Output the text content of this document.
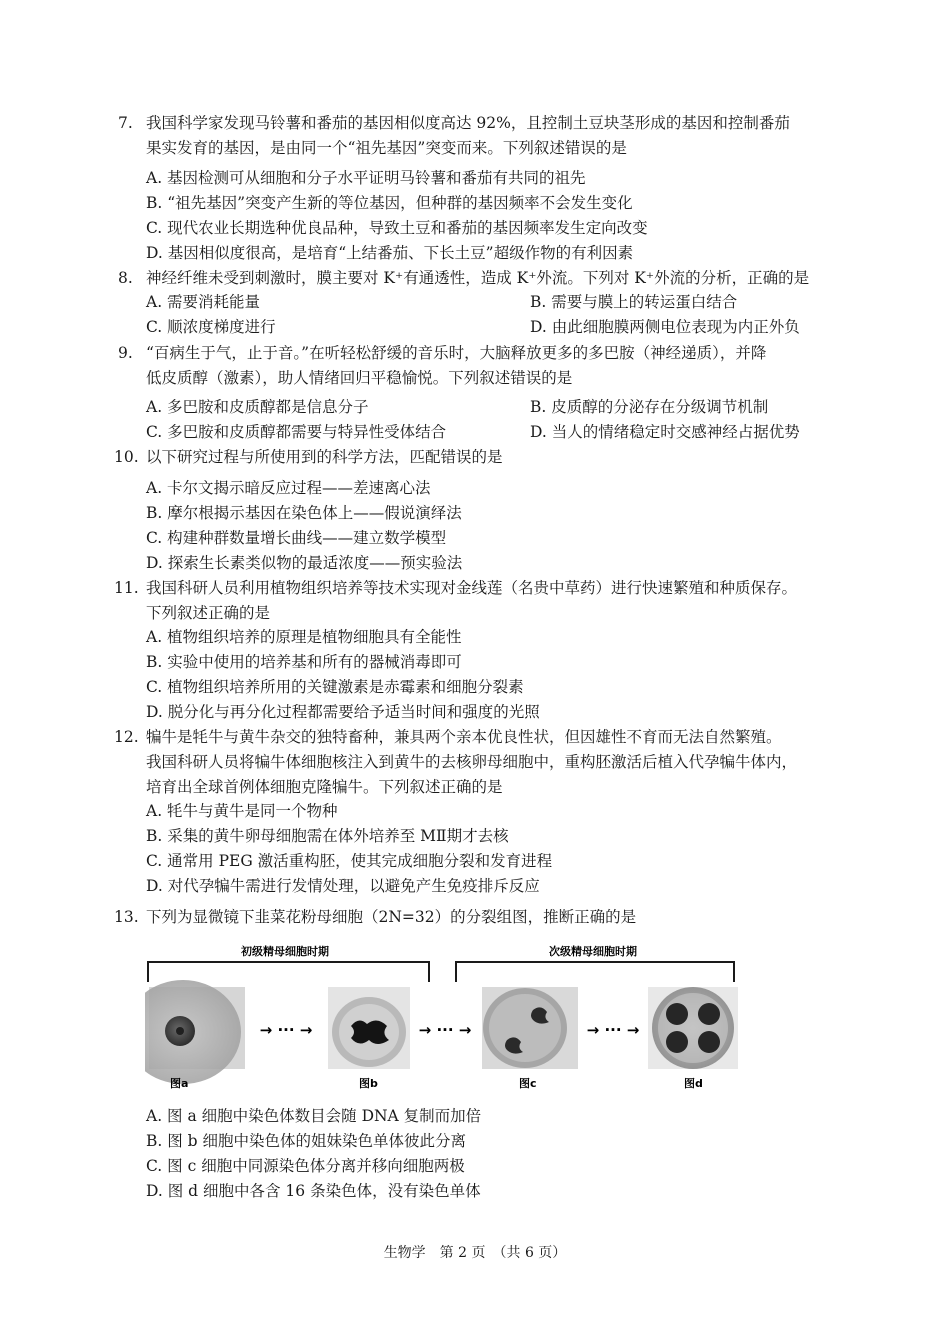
7. 我国科学家发现马铃薯和番茄的基因相似度高达 92%，且控制土豆块茎形成的基因和控制番茄
果实发育的基因，是由同一个“祖先基因”突变而来。下列叙述错误的是
A. 基因检测可从细胞和分子水平证明马铃薯和番茄有共同的祖先
B. “祖先基因”突变产生新的等位基因，但种群的基因频率不会发生变化
C. 现代农业长期选种优良品种，导致土豆和番茄的基因频率发生定向改变
D. 基因相似度很高，是培育“上结番茄、下长土豆”超级作物的有利因素
8. 神经纤维未受到刺激时，膜主要对 K⁺有通透性，造成 K⁺外流。下列对 K⁺外流的分析，正确的是
A. 需要消耗能量	B. 需要与膜上的转运蛋白结合
C. 顺浓度梯度进行	D. 由此细胞膜两侧电位表现为内正外负
9. “百病生于气，止于音。”在听轻松舒缓的音乐时，大脑释放更多的多巴胺（神经递质），并降
低皮质醇（激素），助人情绪回归平稳愉悦。下列叙述错误的是
A. 多巴胺和皮质醇都是信息分子	B. 皮质醇的分泌存在分级调节机制
C. 多巴胺和皮质醇都需要与特异性受体结合	D. 当人的情绪稳定时交感神经占据优势
10. 以下研究过程与所使用到的科学方法，匹配错误的是
A. 卡尔文揭示暗反应过程——差速离心法
B. 摩尔根揭示基因在染色体上——假说演绎法
C. 构建种群数量增长曲线——建立数学模型
D. 探索生长素类似物的最适浓度——预实验法
11. 我国科研人员利用植物组织培养等技术实现对金线莲（名贵中草药）进行快速繁殖和种质保存。
下列叙述正确的是
A. 植物组织培养的原理是植物细胞具有全能性
B. 实验中使用的培养基和所有的器械消毒即可
C. 植物组织培养所用的关键激素是赤霉素和细胞分裂素
D. 脱分化与再分化过程都需要给予适当时间和强度的光照
12. 犏牛是牦牛与黄牛杂交的独特畜种，兼具两个亲本优良性状，但因雄性不育而无法自然繁殖。
我国科研人员将犏牛体细胞核注入到黄牛的去核卵母细胞中，重构胚激活后植入代孕犏牛体内，
培育出全球首例体细胞克隆犏牛。下列叙述正确的是
A. 牦牛与黄牛是同一个物种
B. 采集的黄牛卵母细胞需在体外培养至 MⅡ期才去核
C. 通常用 PEG 激活重构胚，使其完成细胞分裂和发育进程
D. 对代孕犏牛需进行发情处理，以避免产生免疫排斥反应
13. 下列为显微镜下韭菜花粉母细胞（2N=32）的分裂组图，推断正确的是
初级精母细胞时期	次级精母细胞时期
→ ··· →	→ ··· →	→ ··· →
图a	图b	图c	图d
A. 图 a 细胞中染色体数目会随 DNA 复制而加倍
B. 图 b 细胞中染色体的姐妹染色单体彼此分离
C. 图 c 细胞中同源染色体分离并移向细胞两极
D. 图 d 细胞中各含 16 条染色体，没有染色单体
生物学　第 2 页　（共 6 页）
